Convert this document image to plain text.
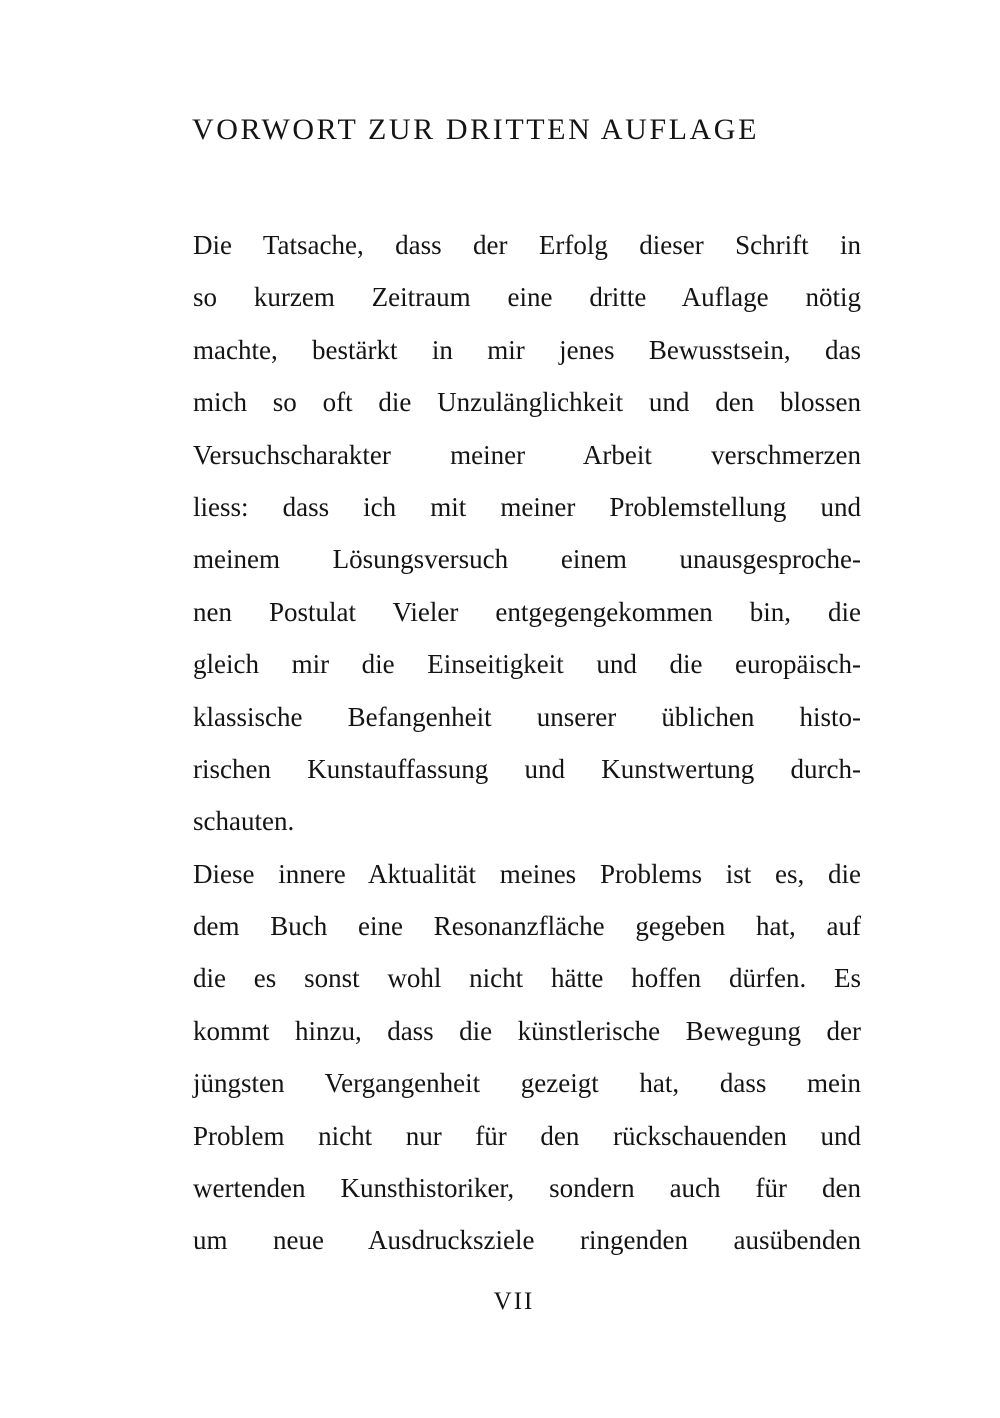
VORWORT ZUR DRITTEN AUFLAGE
Die Tatsache, dass der Erfolg dieser Schrift in
so kurzem Zeitraum eine dritte Auflage nötig
machte, bestärkt in mir jenes Bewusstsein, das
mich so oft die Unzulänglichkeit und den blossen
Versuchscharakter meiner Arbeit verschmerzen
liess: dass ich mit meiner Problemstellung und
meinem Lösungsversuch einem unausgesproche-
nen Postulat Vieler entgegengekommen bin, die
gleich mir die Einseitigkeit und die europäisch-
klassische Befangenheit unserer üblichen histo-
rischen Kunstauffassung und Kunstwertung durch-
schauten.
Diese innere Aktualität meines Problems ist es, die
dem Buch eine Resonanzfläche gegeben hat, auf
die es sonst wohl nicht hätte hoffen dürfen. Es
kommt hinzu, dass die künstlerische Bewegung der
jüngsten Vergangenheit gezeigt hat, dass mein
Problem nicht nur für den rückschauenden und
wertenden Kunsthistoriker, sondern auch für den
um neue Ausdrucksziele ringenden ausübenden
VII
